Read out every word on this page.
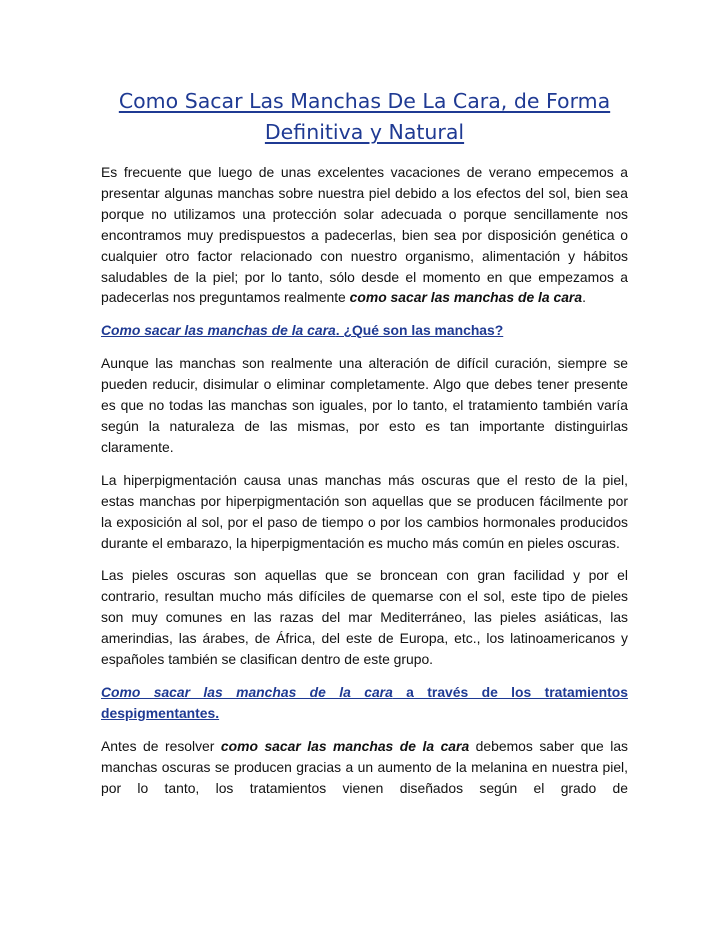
Como Sacar Las Manchas De La Cara, de Forma
Definitiva y Natural

Es frecuente que luego de unas excelentes vacaciones de verano empecemos a presentar algunas manchas sobre nuestra piel debido a los efectos del sol, bien sea porque no utilizamos una protección solar adecuada o porque sencillamente nos encontramos muy predispuestos a padecerlas, bien sea por disposición genética o cualquier otro factor relacionado con nuestro organismo, alimentación y hábitos saludables de la piel; por lo tanto, sólo desde el momento en que empezamos a padecerlas nos preguntamos realmente como sacar las manchas de la cara.

Como sacar las manchas de la cara. ¿Qué son las manchas?

Aunque las manchas son realmente una alteración de difícil curación, siempre se pueden reducir, disimular o eliminar completamente. Algo que debes tener presente es que no todas las manchas son iguales, por lo tanto, el tratamiento también varía según la naturaleza de las mismas, por esto es tan importante distinguirlas claramente.

La hiperpigmentación causa unas manchas más oscuras que el resto de la piel, estas manchas por hiperpigmentación son aquellas que se producen fácilmente por la exposición al sol, por el paso de tiempo o por los cambios hormonales producidos durante el embarazo, la hiperpigmentación es mucho más común en pieles oscuras.

Las pieles oscuras son aquellas que se broncean con gran facilidad y por el contrario, resultan mucho más difíciles de quemarse con el sol, este tipo de pieles son muy comunes en las razas del mar Mediterráneo, las pieles asiáticas, las amerindias, las árabes, de África, del este de Europa, etc., los latinoamericanos y españoles también se clasifican dentro de este grupo.

Como sacar las manchas de la cara a través de los tratamientos despigmentantes.

Antes de resolver como sacar las manchas de la cara debemos saber que las manchas oscuras se producen gracias a un aumento de la melanina en nuestra piel, por lo tanto, los tratamientos vienen diseñados según el grado de
